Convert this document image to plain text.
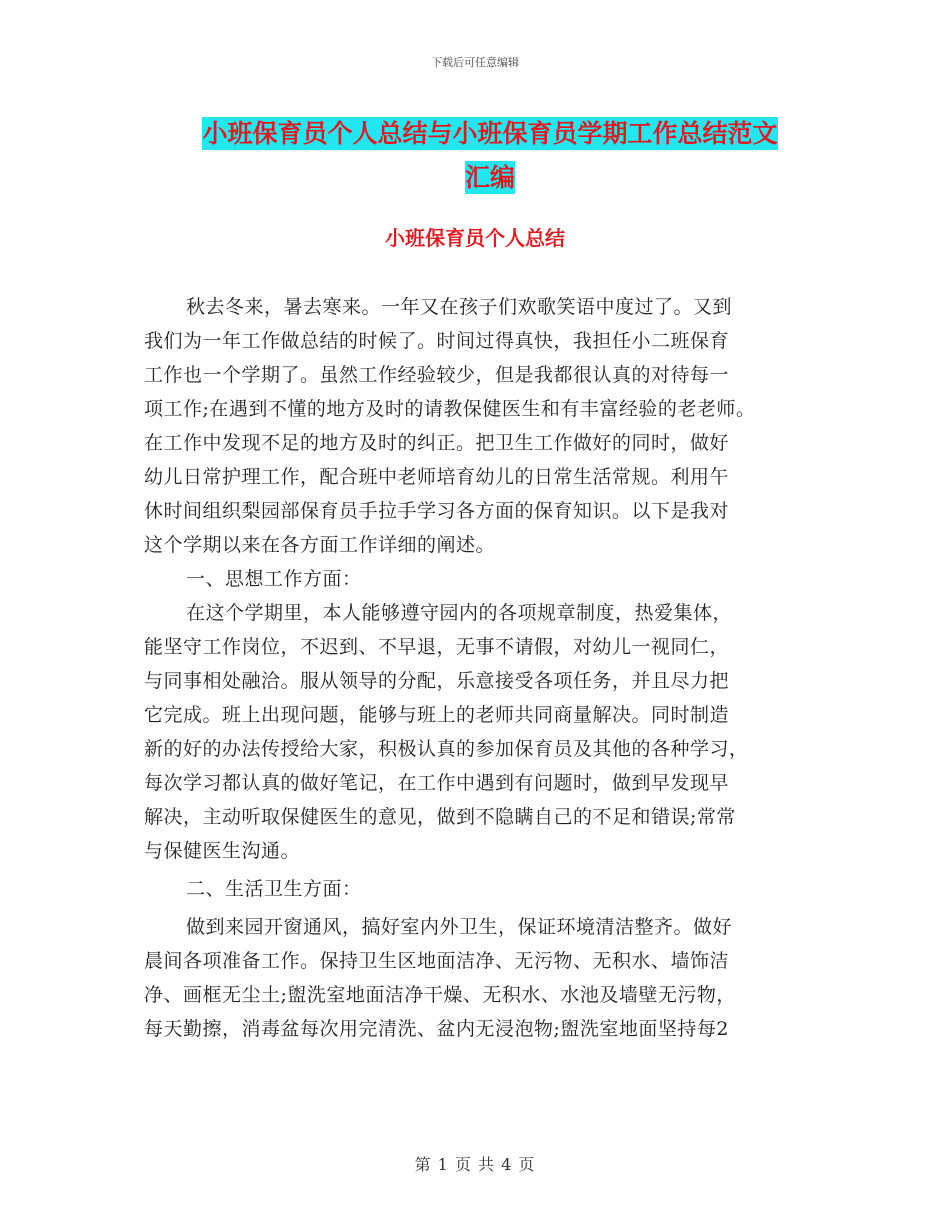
下载后可任意编辑
小班保育员个人总结与小班保育员学期工作总结范文
汇编
小班保育员个人总结
秋去冬来，暑去寒来。一年又在孩子们欢歌笑语中度过了。又到
我们为一年工作做总结的时候了。时间过得真快，我担任小二班保育
工作也一个学期了。虽然工作经验较少，但是我都很认真的对待每一
项工作;在遇到不懂的地方及时的请教保健医生和有丰富经验的老老师。
在工作中发现不足的地方及时的纠正。把卫生工作做好的同时，做好
幼儿日常护理工作，配合班中老师培育幼儿的日常生活常规。利用午
休时间组织梨园部保育员手拉手学习各方面的保育知识。以下是我对
这个学期以来在各方面工作详细的阐述。
一、思想工作方面：
在这个学期里，本人能够遵守园内的各项规章制度，热爱集体，
能坚守工作岗位，不迟到、不早退，无事不请假，对幼儿一视同仁，
与同事相处融洽。服从领导的分配，乐意接受各项任务，并且尽力把
它完成。班上出现问题，能够与班上的老师共同商量解决。同时制造
新的好的办法传授给大家，积极认真的参加保育员及其他的各种学习，
每次学习都认真的做好笔记，在工作中遇到有问题时，做到早发现早
解决，主动听取保健医生的意见，做到不隐瞒自己的不足和错误;常常
与保健医生沟通。
二、生活卫生方面：
做到来园开窗通风，搞好室内外卫生，保证环境清洁整齐。做好
晨间各项准备工作。保持卫生区地面洁净、无污物、无积水、墙饰洁
净、画框无尘土;盥洗室地面洁净干燥、无积水、水池及墙壁无污物，
每天勤擦，消毒盆每次用完清洗、盆内无浸泡物;盥洗室地面坚持每2
第 1 页 共 4 页
